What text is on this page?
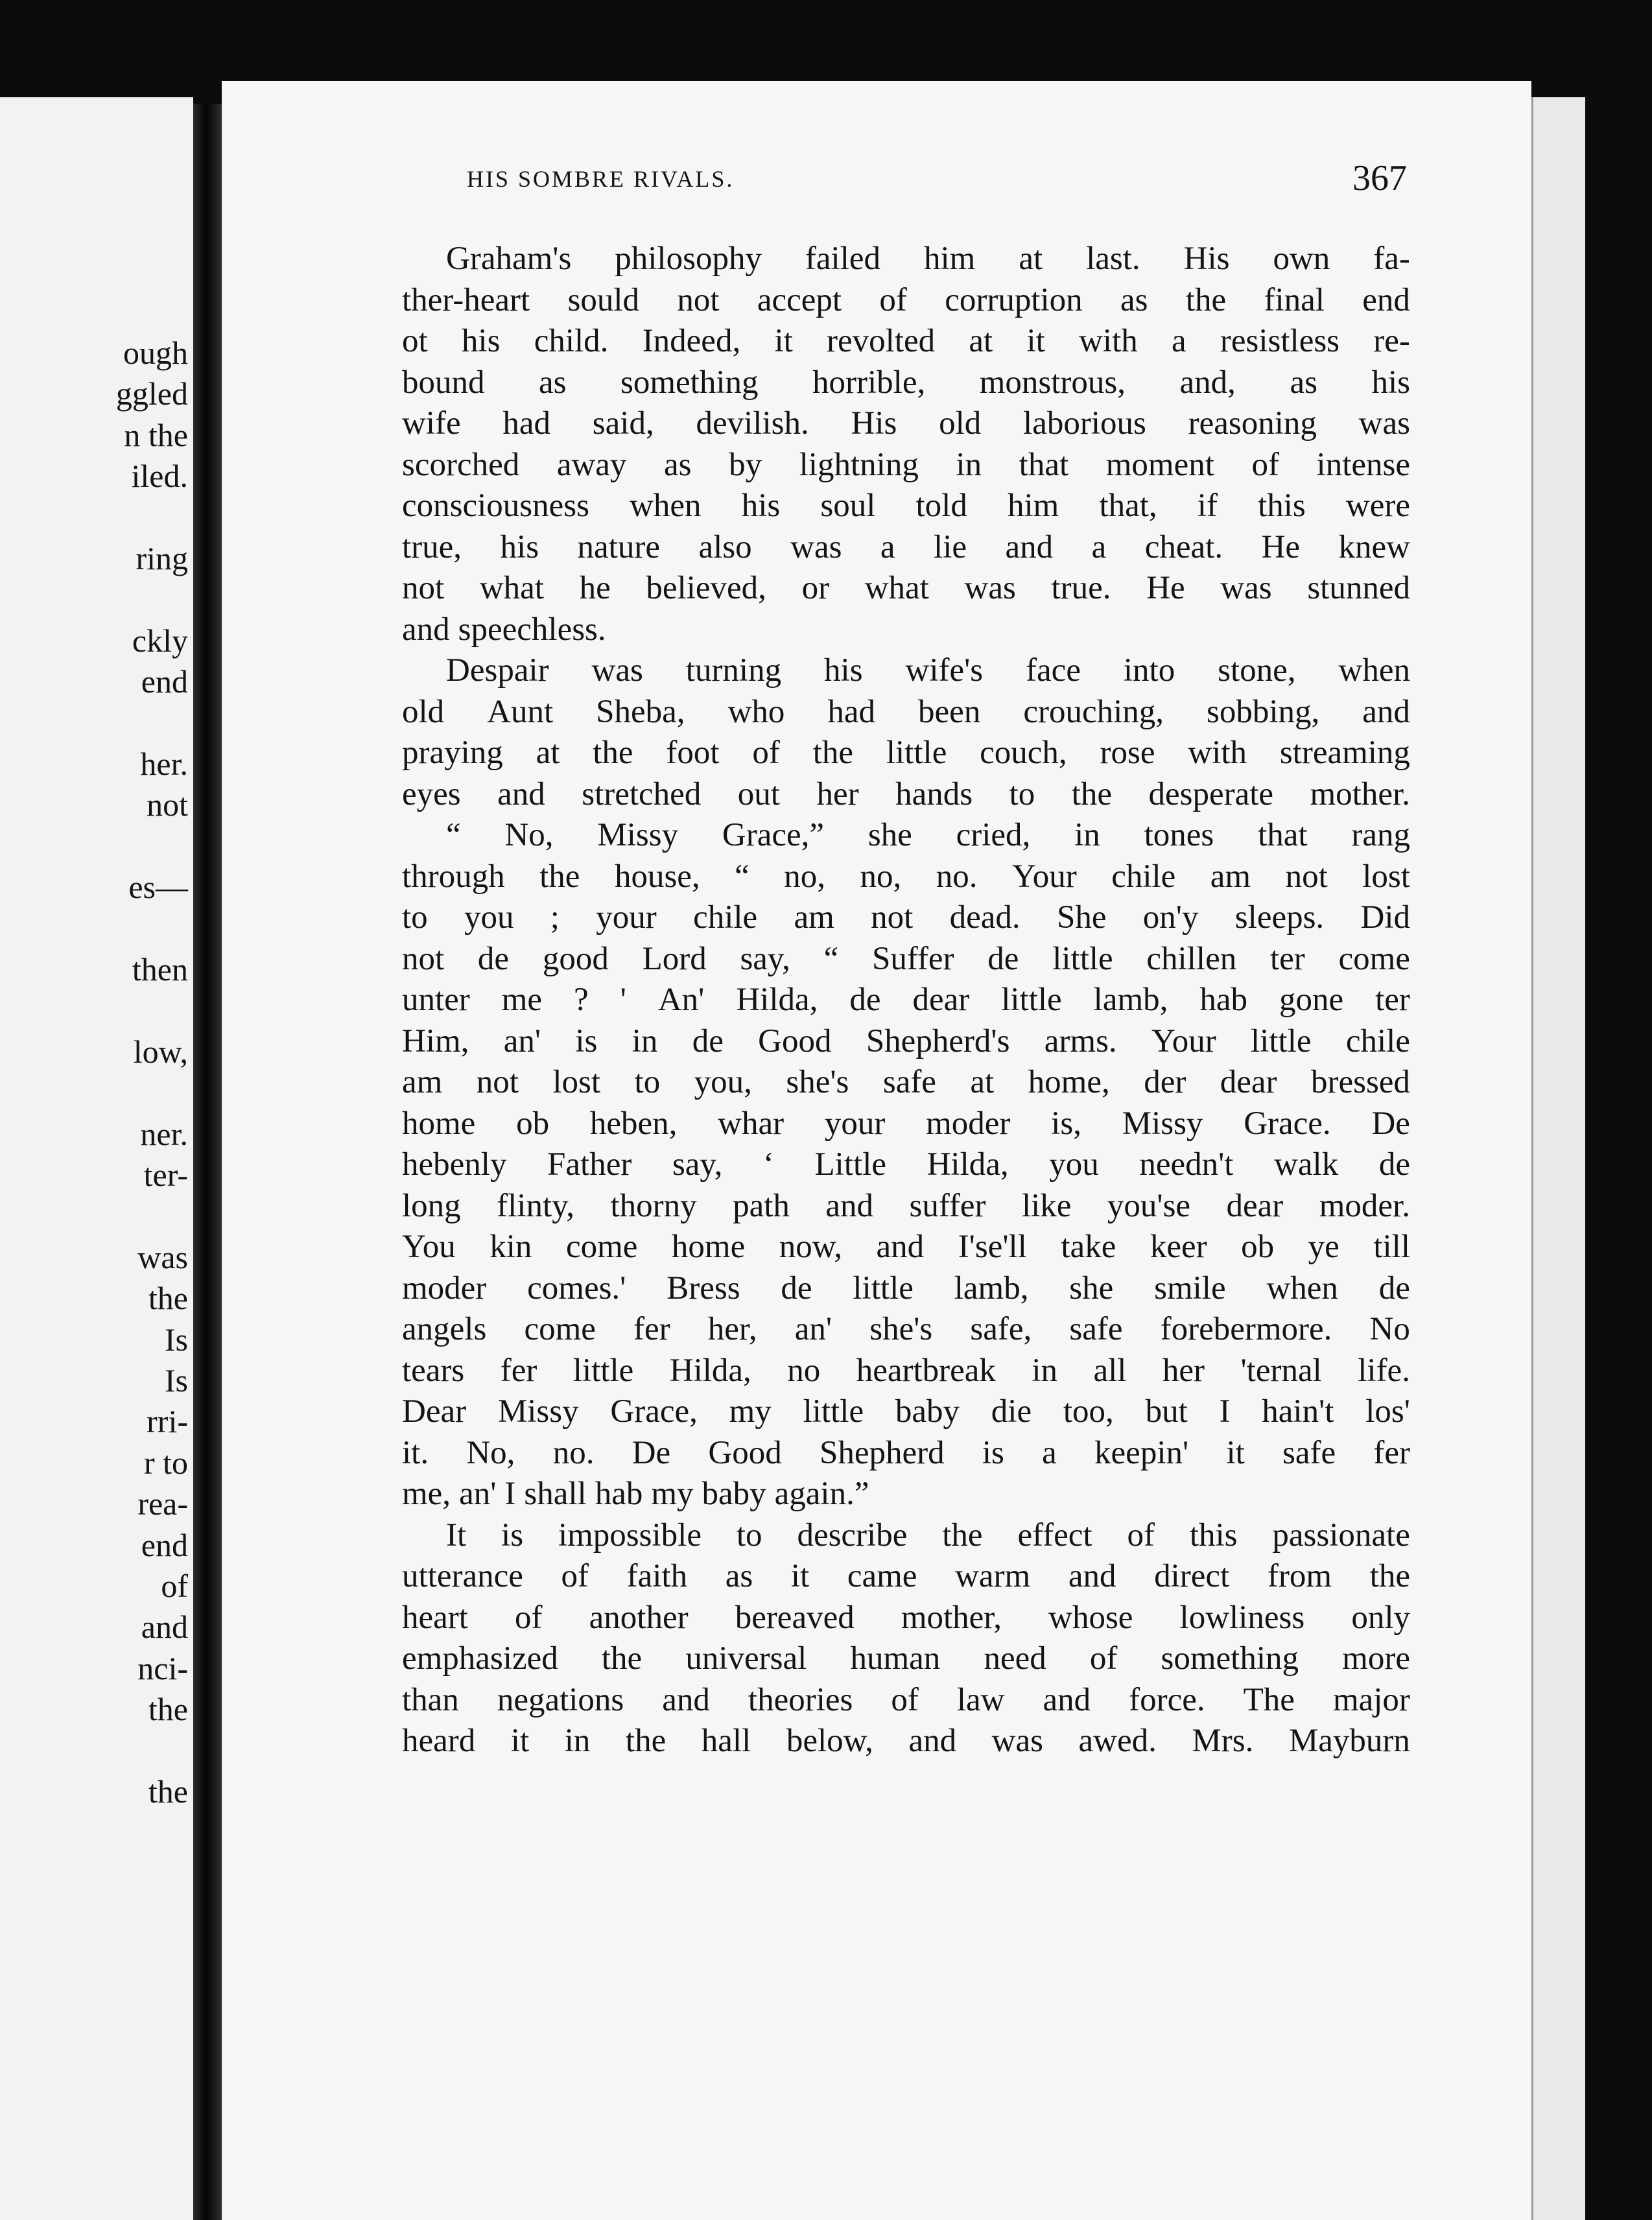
ough
ggled
n the
iled.
ring
ckly
end
her.
not
es—
then
low,
ner.
ter-
was
the
Is
Is
rri-
r to
rea-
end
of
and
nci-
the
the
HIS SOMBRE RIVALS.	367
Graham's philosophy failed him at last. His own fa-
ther-heart sould not accept of corruption as the final end
ot his child. Indeed, it revolted at it with a resistless re-
bound as something horrible, monstrous, and, as his
wife had said, devilish. His old laborious reasoning was
scorched away as by lightning in that moment of intense
consciousness when his soul told him that, if this were
true, his nature also was a lie and a cheat. He knew
not what he believed, or what was true. He was stunned
and speechless.
Despair was turning his wife's face into stone, when
old Aunt Sheba, who had been crouching, sobbing, and
praying at the foot of the little couch, rose with streaming
eyes and stretched out her hands to the desperate mother.
“ No, Missy Grace,” she cried, in tones that rang
through the house, “ no, no, no. Your chile am not lost
to you ; your chile am not dead. She on'y sleeps. Did
not de good Lord say, “ Suffer de little chillen ter come
unter me ? ' An' Hilda, de dear little lamb, hab gone ter
Him, an' is in de Good Shepherd's arms. Your little chile
am not lost to you, she's safe at home, der dear bressed
home ob heben, whar your moder is, Missy Grace. De
hebenly Father say, ‘ Little Hilda, you needn't walk de
long flinty, thorny path and suffer like you'se dear moder.
You kin come home now, and I'se'll take keer ob ye till
moder comes.' Bress de little lamb, she smile when de
angels come fer her, an' she's safe, safe forebermore. No
tears fer little Hilda, no heartbreak in all her 'ternal life.
Dear Missy Grace, my little baby die too, but I hain't los'
it. No, no. De Good Shepherd is a keepin' it safe fer
me, an' I shall hab my baby again.”
It is impossible to describe the effect of this passionate
utterance of faith as it came warm and direct from the
heart of another bereaved mother, whose lowliness only
emphasized the universal human need of something more
than negations and theories of law and force. The major
heard it in the hall below, and was awed. Mrs. Mayburn
